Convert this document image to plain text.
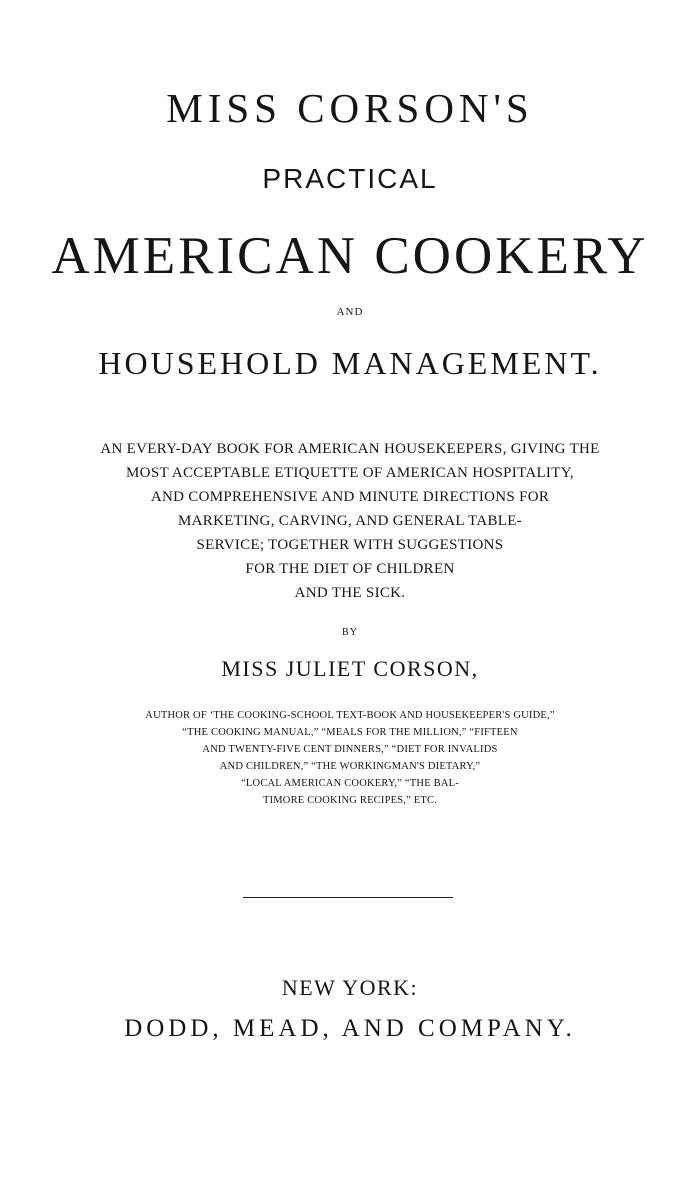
MISS CORSON'S
PRACTICAL
AMERICAN COOKERY
AND
HOUSEHOLD MANAGEMENT.
AN EVERY-DAY BOOK FOR AMERICAN HOUSEKEEPERS, GIVING THE
MOST ACCEPTABLE ETIQUETTE OF AMERICAN HOSPITALITY,
AND COMPREHENSIVE AND MINUTE DIRECTIONS FOR
MARKETING, CARVING, AND GENERAL TABLE-
SERVICE; TOGETHER WITH SUGGESTIONS
FOR THE DIET OF CHILDREN
AND THE SICK.
BY
MISS JULIET CORSON,
AUTHOR OF ‘THE COOKING-SCHOOL TEXT-BOOK AND HOUSEKEEPER'S GUIDE,”
“THE COOKING MANUAL,” “MEALS FOR THE MILLION,” “FIFTEEN
AND TWENTY-FIVE CENT DINNERS,” “DIET FOR INVALIDS
AND CHILDREN,” “THE WORKINGMAN'S DIETARY,”
“LOCAL AMERICAN COOKERY,” “THE BAL-
TIMORE COOKING RECIPES,” ETC.
NEW YORK:
DODD, MEAD, AND COMPANY.
